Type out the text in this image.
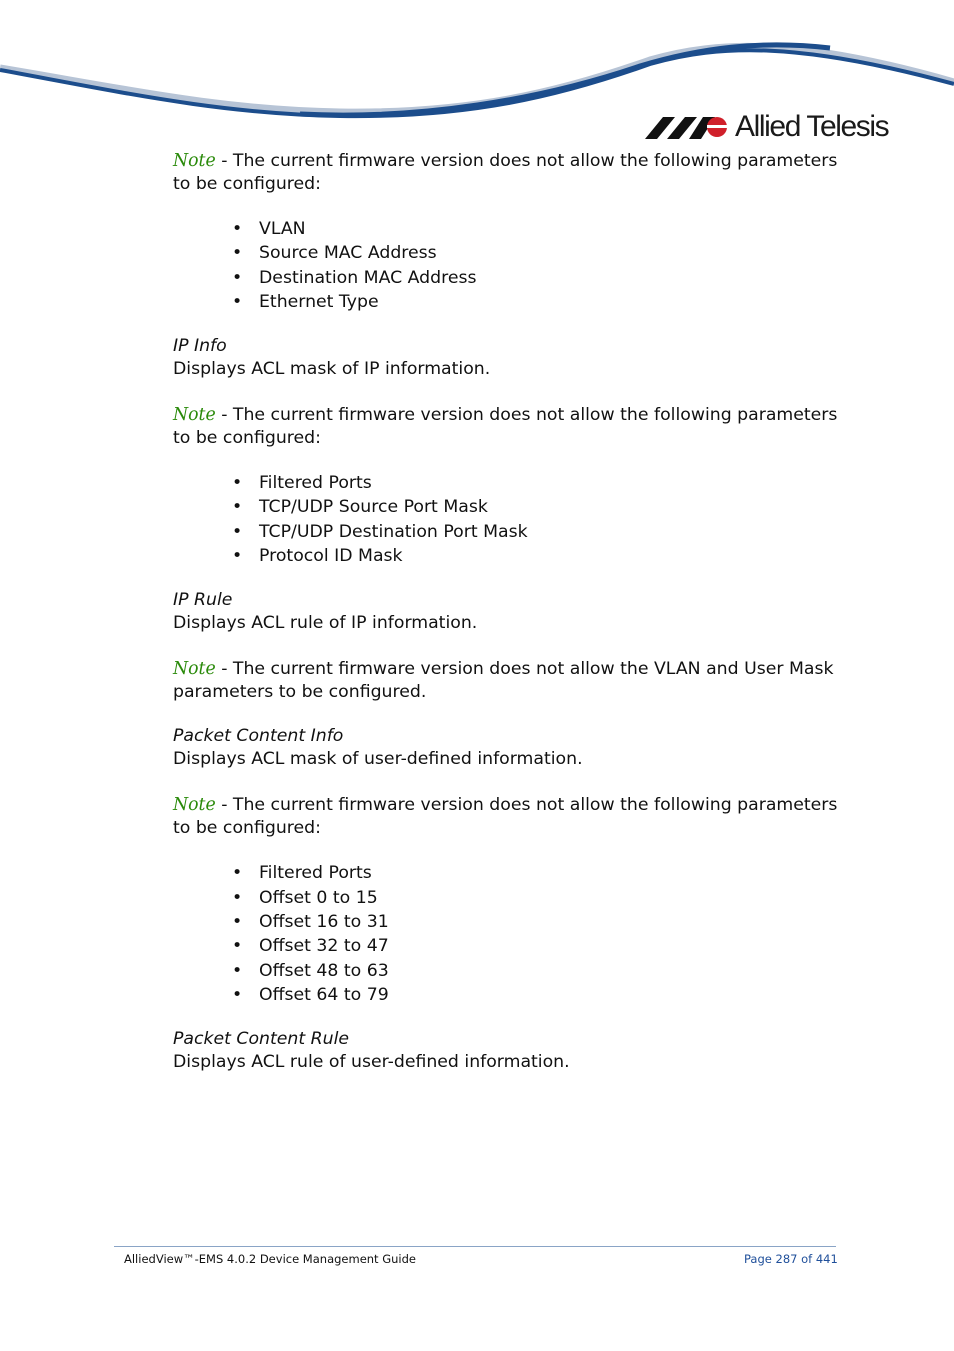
Allied Telesis

Note - The current firmware version does not allow the following parameters to be configured:

• VLAN
• Source MAC Address
• Destination MAC Address
• Ethernet Type

IP Info

Displays ACL mask of IP information.

Note - The current firmware version does not allow the following parameters to be configured:

• Filtered Ports
• TCP/UDP Source Port Mask
• TCP/UDP Destination Port Mask
• Protocol ID Mask

IP Rule

Displays ACL rule of IP information.

Note - The current firmware version does not allow the VLAN and User Mask parameters to be configured.

Packet Content Info

Displays ACL mask of user-defined information.

Note - The current firmware version does not allow the following parameters to be configured:

• Filtered Ports
• Offset 0 to 15
• Offset 16 to 31
• Offset 32 to 47
• Offset 48 to 63
• Offset 64 to 79

Packet Content Rule

Displays ACL rule of user-defined information.

AlliedView™-EMS 4.0.2 Device Management Guide	Page 287 of 441
